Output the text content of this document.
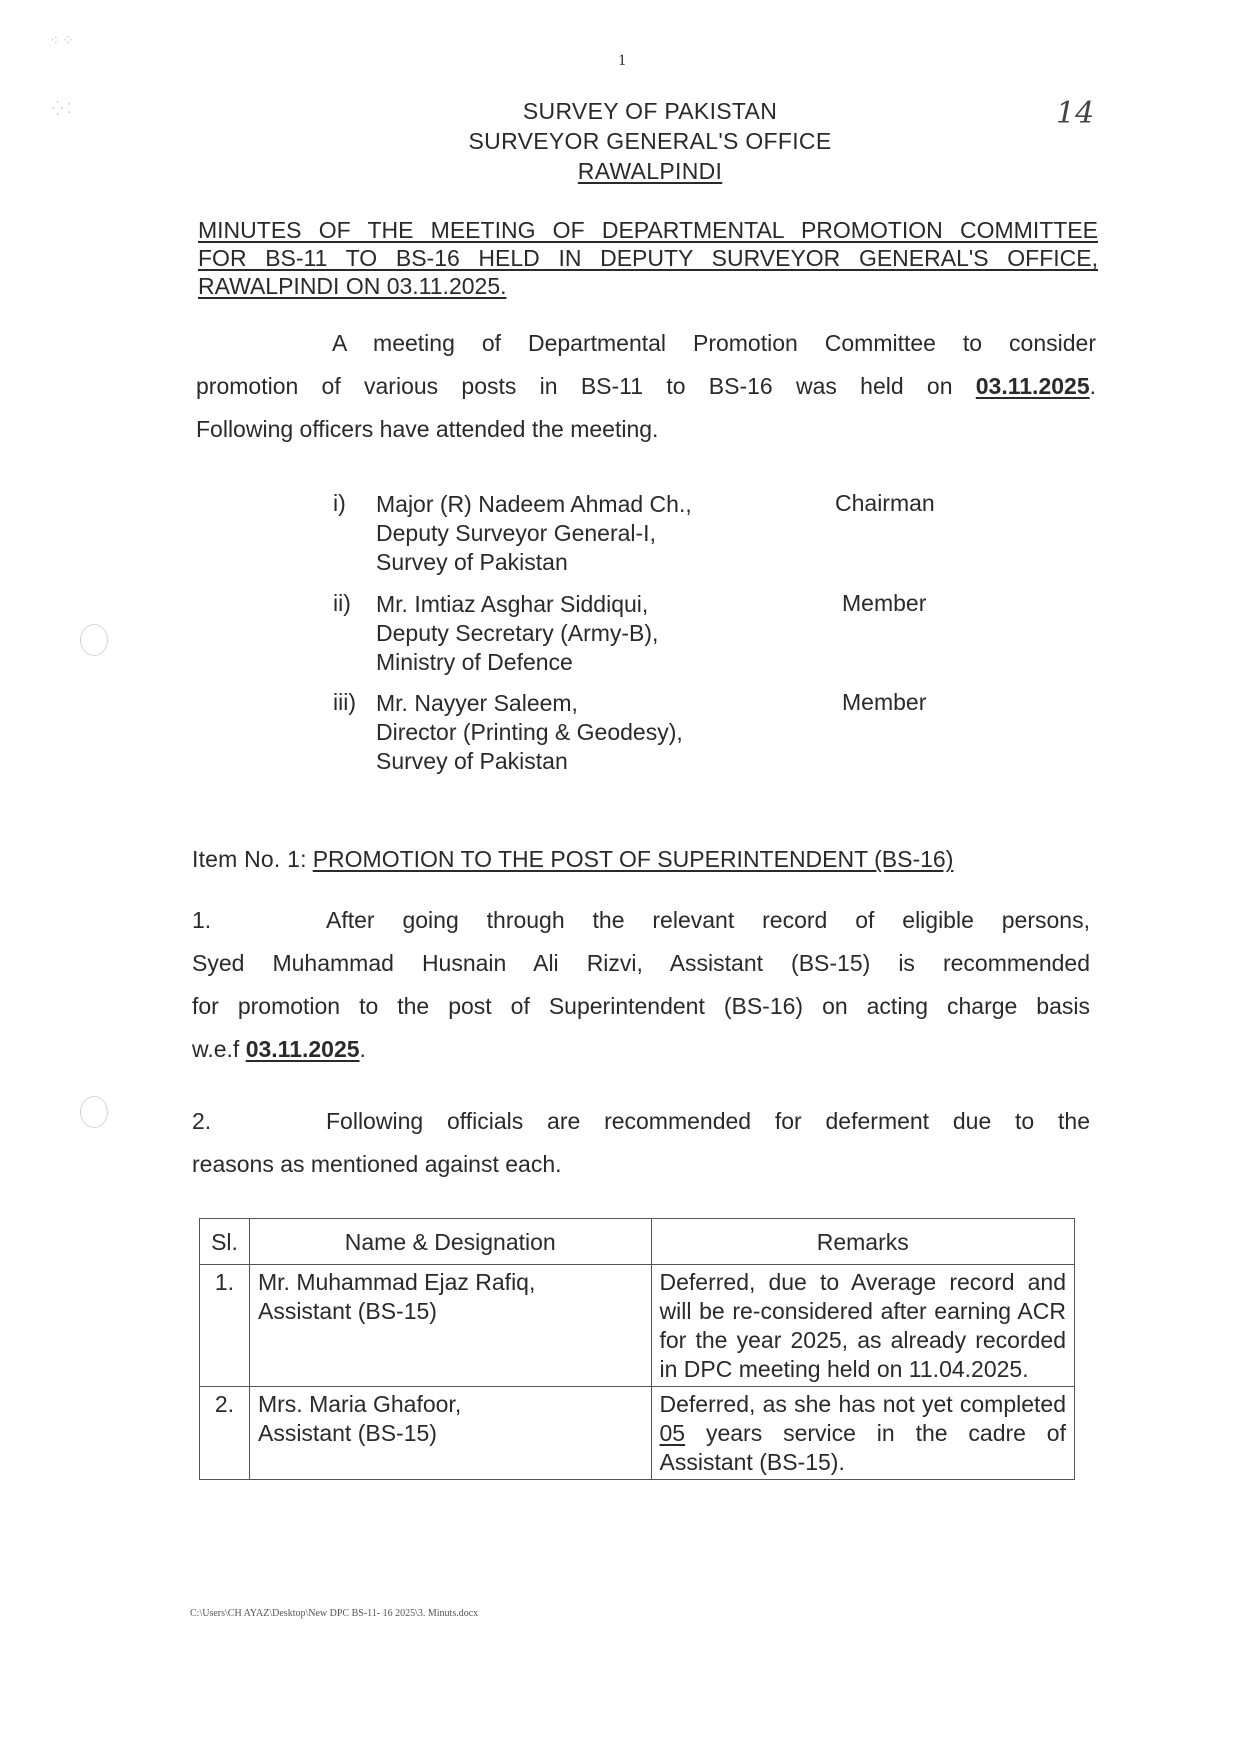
⁖ ⁘
⁛ ⁚
1
14
SURVEY OF PAKISTAN
SURVEYOR GENERAL'S OFFICE
RAWALPINDI
MINUTES OF THE MEETING OF DEPARTMENTAL PROMOTION COMMITTEE
FOR BS-11 TO BS-16 HELD IN DEPUTY SURVEYOR GENERAL'S OFFICE,
RAWALPINDI ON 03.11.2025.
A meeting of Departmental Promotion Committee to consider
promotion of various posts in BS-11 to BS-16 was held on 03.11.2025.
Following officers have attended the meeting.
i) Major (R) Nadeem Ahmad Ch.,
Deputy Surveyor General-I,
Survey of Pakistan
Chairman
ii) Mr. Imtiaz Asghar Siddiqui,
Deputy Secretary (Army-B),
Ministry of Defence
Member
iii) Mr. Nayyer Saleem,
Director (Printing & Geodesy),
Survey of Pakistan
Member
Item No. 1: PROMOTION TO THE POST OF SUPERINTENDENT (BS-16)
1.	After going through the relevant record of eligible persons,
Syed Muhammad Husnain Ali Rizvi, Assistant (BS-15) is recommended
for promotion to the post of Superintendent (BS-16) on acting charge basis
w.e.f 03.11.2025.
2.	Following officials are recommended for deferment due to the
reasons as mentioned against each.
Sl.	Name & Designation	Remarks
1.	Mr. Muhammad Ejaz Rafiq,
Assistant (BS-15)	Deferred, due to Average record and will be re-considered after earning ACR for the year 2025, as already recorded in DPC meeting held on 11.04.2025.
2.	Mrs. Maria Ghafoor,
Assistant (BS-15)	Deferred, as she has not yet completed 05 years service in the cadre of Assistant (BS-15).
C:\Users\CH AYAZ\Desktop\New DPC BS-11- 16 2025\3. Minuts.docx
